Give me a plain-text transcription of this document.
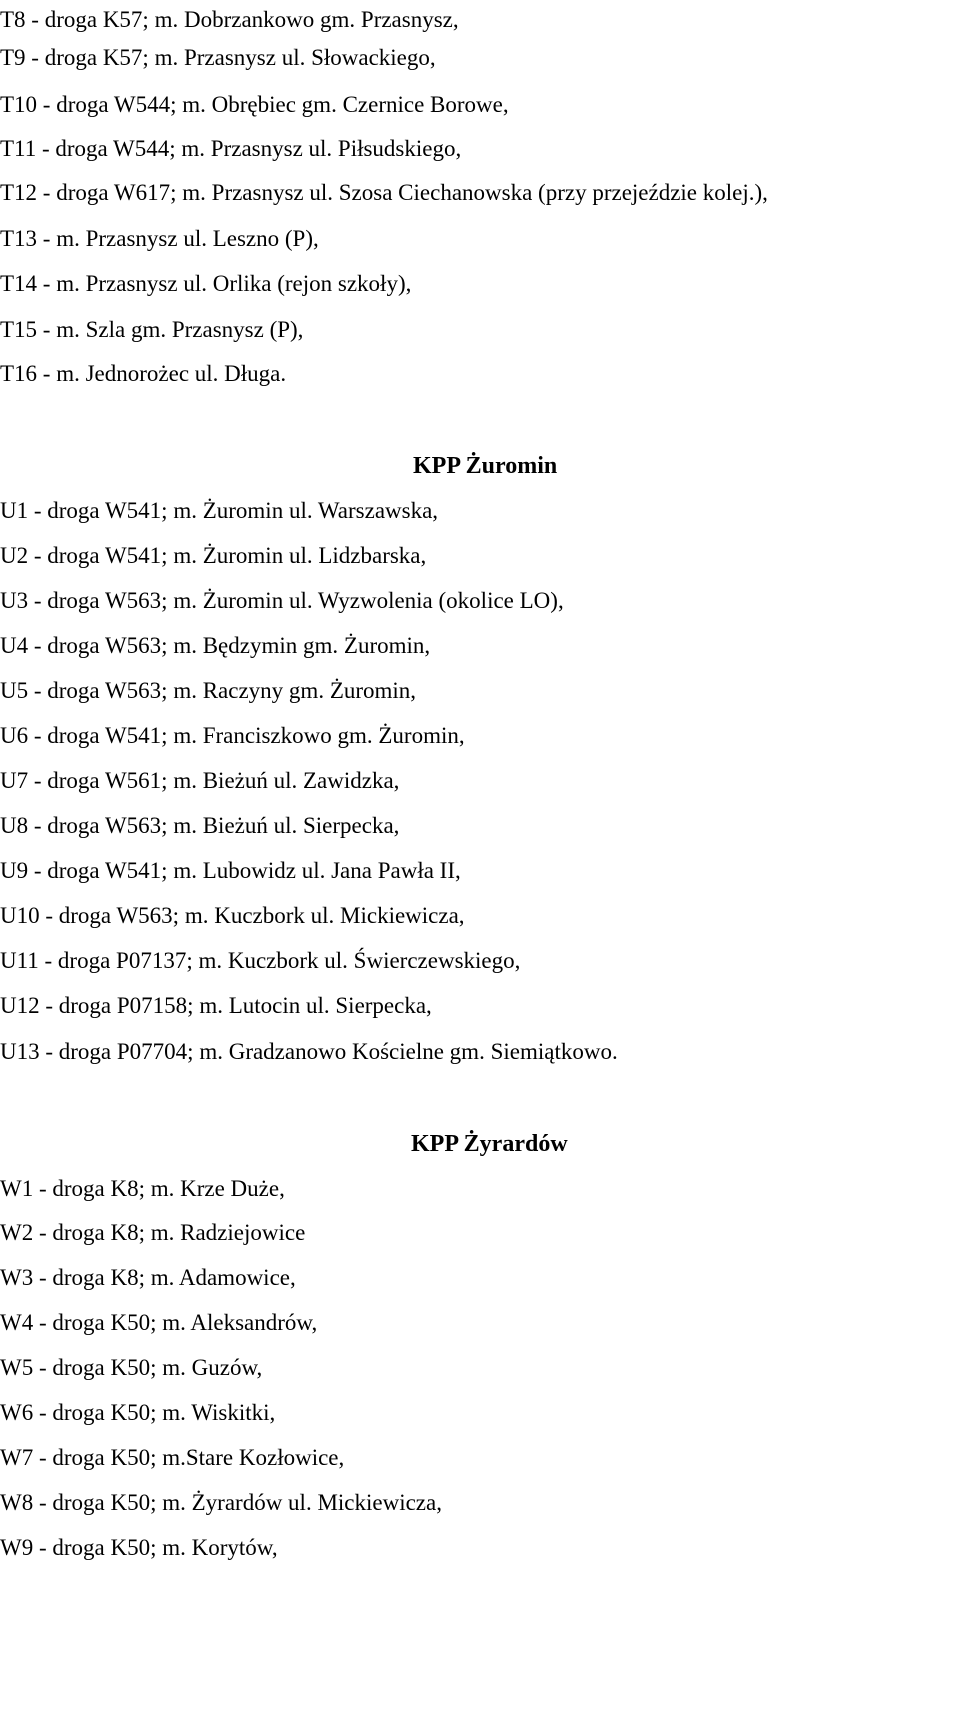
T8 - droga K57; m. Dobrzankowo gm. Przasnysz,
T9 - droga K57; m. Przasnysz ul. Słowackiego,
T10 - droga W544; m. Obrębiec gm. Czernice Borowe,
T11 - droga W544; m. Przasnysz ul. Piłsudskiego,
T12 - droga W617; m. Przasnysz ul. Szosa Ciechanowska (przy przejeździe kolej.),
T13 - m. Przasnysz ul. Leszno (P),
T14 - m. Przasnysz ul. Orlika (rejon szkoły),
T15 - m. Szla gm. Przasnysz (P),
T16 - m. Jednorożec ul. Długa.
KPP Żuromin
U1 - droga W541; m. Żuromin ul. Warszawska,
U2 - droga W541; m. Żuromin ul. Lidzbarska,
U3 - droga W563; m. Żuromin ul. Wyzwolenia (okolice LO),
U4 - droga W563; m. Będzymin gm. Żuromin,
U5 - droga W563; m. Raczyny gm. Żuromin,
U6 - droga W541; m. Franciszkowo gm. Żuromin,
U7 - droga W561; m. Bieżuń ul. Zawidzka,
U8 - droga W563; m. Bieżuń ul. Sierpecka,
U9 - droga W541; m. Lubowidz ul. Jana Pawła II,
U10 - droga W563; m. Kuczbork ul. Mickiewicza,
U11 - droga P07137; m. Kuczbork ul. Świerczewskiego,
U12 - droga P07158; m. Lutocin ul. Sierpecka,
U13 - droga P07704; m. Gradzanowo Kościelne gm. Siemiątkowo.
KPP Żyrardów
W1 - droga K8; m. Krze Duże,
W2 - droga K8; m. Radziejowice
W3 - droga K8; m. Adamowice,
W4 - droga K50; m. Aleksandrów,
W5 - droga K50; m. Guzów,
W6 - droga K50; m. Wiskitki,
W7 - droga K50; m.Stare Kozłowice,
W8 - droga K50; m. Żyrardów ul. Mickiewicza,
W9 - droga K50; m. Korytów,
